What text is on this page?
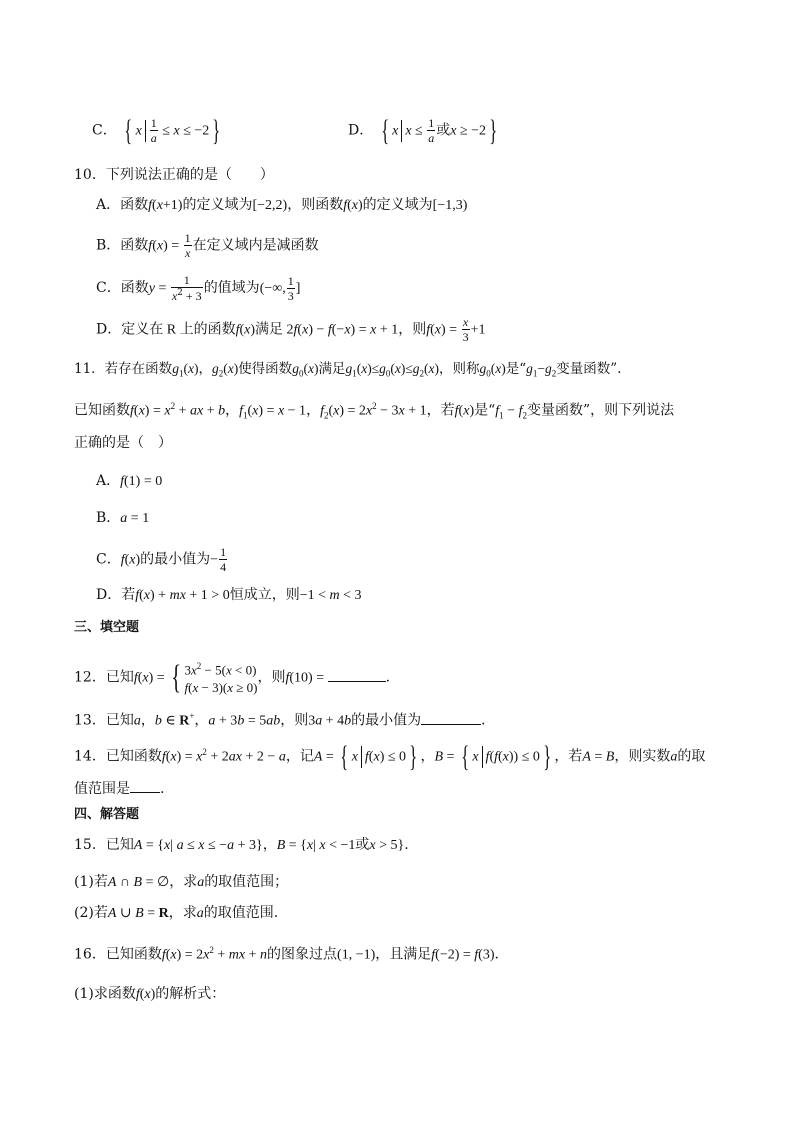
C． { x $\frac{1}{a} \le x \le -2$ }	D． { x $x \le \frac{1}{a}$ 或x ≥ −2 }
10．下列说法正确的是（　　）
A．函数f(x+1)的定义域为[−2,2)，则函数f(x)的定义域为[−1,3)
B．函数$f(x) = \frac{1}{x}$ 在定义域内是减函数
C．函数$y = \frac{1}{x^2 + 3}$ 的值域为(−∞, $\frac{1}{3}$ ]
D．定义在 R 上的函数f(x)满足 2f(x) − f(−x) = x + 1，则$f(x) = \frac{x}{3} +1$
11．若存在函数$g_1(x)$，$g_2(x)$使得函数$g_0(x)$满足$g_1(x)\le g_0(x)\le g_2(x)$，则称$g_0(x)$是“$g_1-g_2$变量函数”.
已知函数$f(x) = x^2$ + ax + b，$f_1(x) = x - 1$，$f_2(x) = 2x^2 - 3x + 1$，若f(x)是“$f_1 - f_2$变量函数”，则下列说法
正确的是（　）
A．f(1) = 0
B．a = 1
C．f(x)的最小值为− $\frac{1}{4}$
D．若f(x) + mx + 1 > 0恒成立，则−1 < m < 3
三、填空题
12．已知f(x) = { $3x^2 - 5(x < 0)$
f(x − 3)(x ≥ 0)
，则f(10) =	.
13．已知a，b ∈ R+，a + 3b = 5ab，则3a + 4b的最小值为	．
14．已知函数$f(x) = x^2 + 2ax + 2 - a$，记A = { x f(x) ≤ 0 } ，B = { x f(f(x)) ≤ 0 } ，若A = B，则实数a的取
值范围是 .
四、解答题
15．已知A = {x| a ≤ x ≤ −a + 3}，B = {x| x < −1或x > 5}.
(1)若A ∩ B = ∅，求a的取值范围；
(2)若A ∪ B = R，求a的取值范围.
16．已知函数$f(x) = 2x^2$ + mx + n的图象过点(1, −1)，且满足f(−2) = f(3).
(1)求函数f(x)的解析式：
